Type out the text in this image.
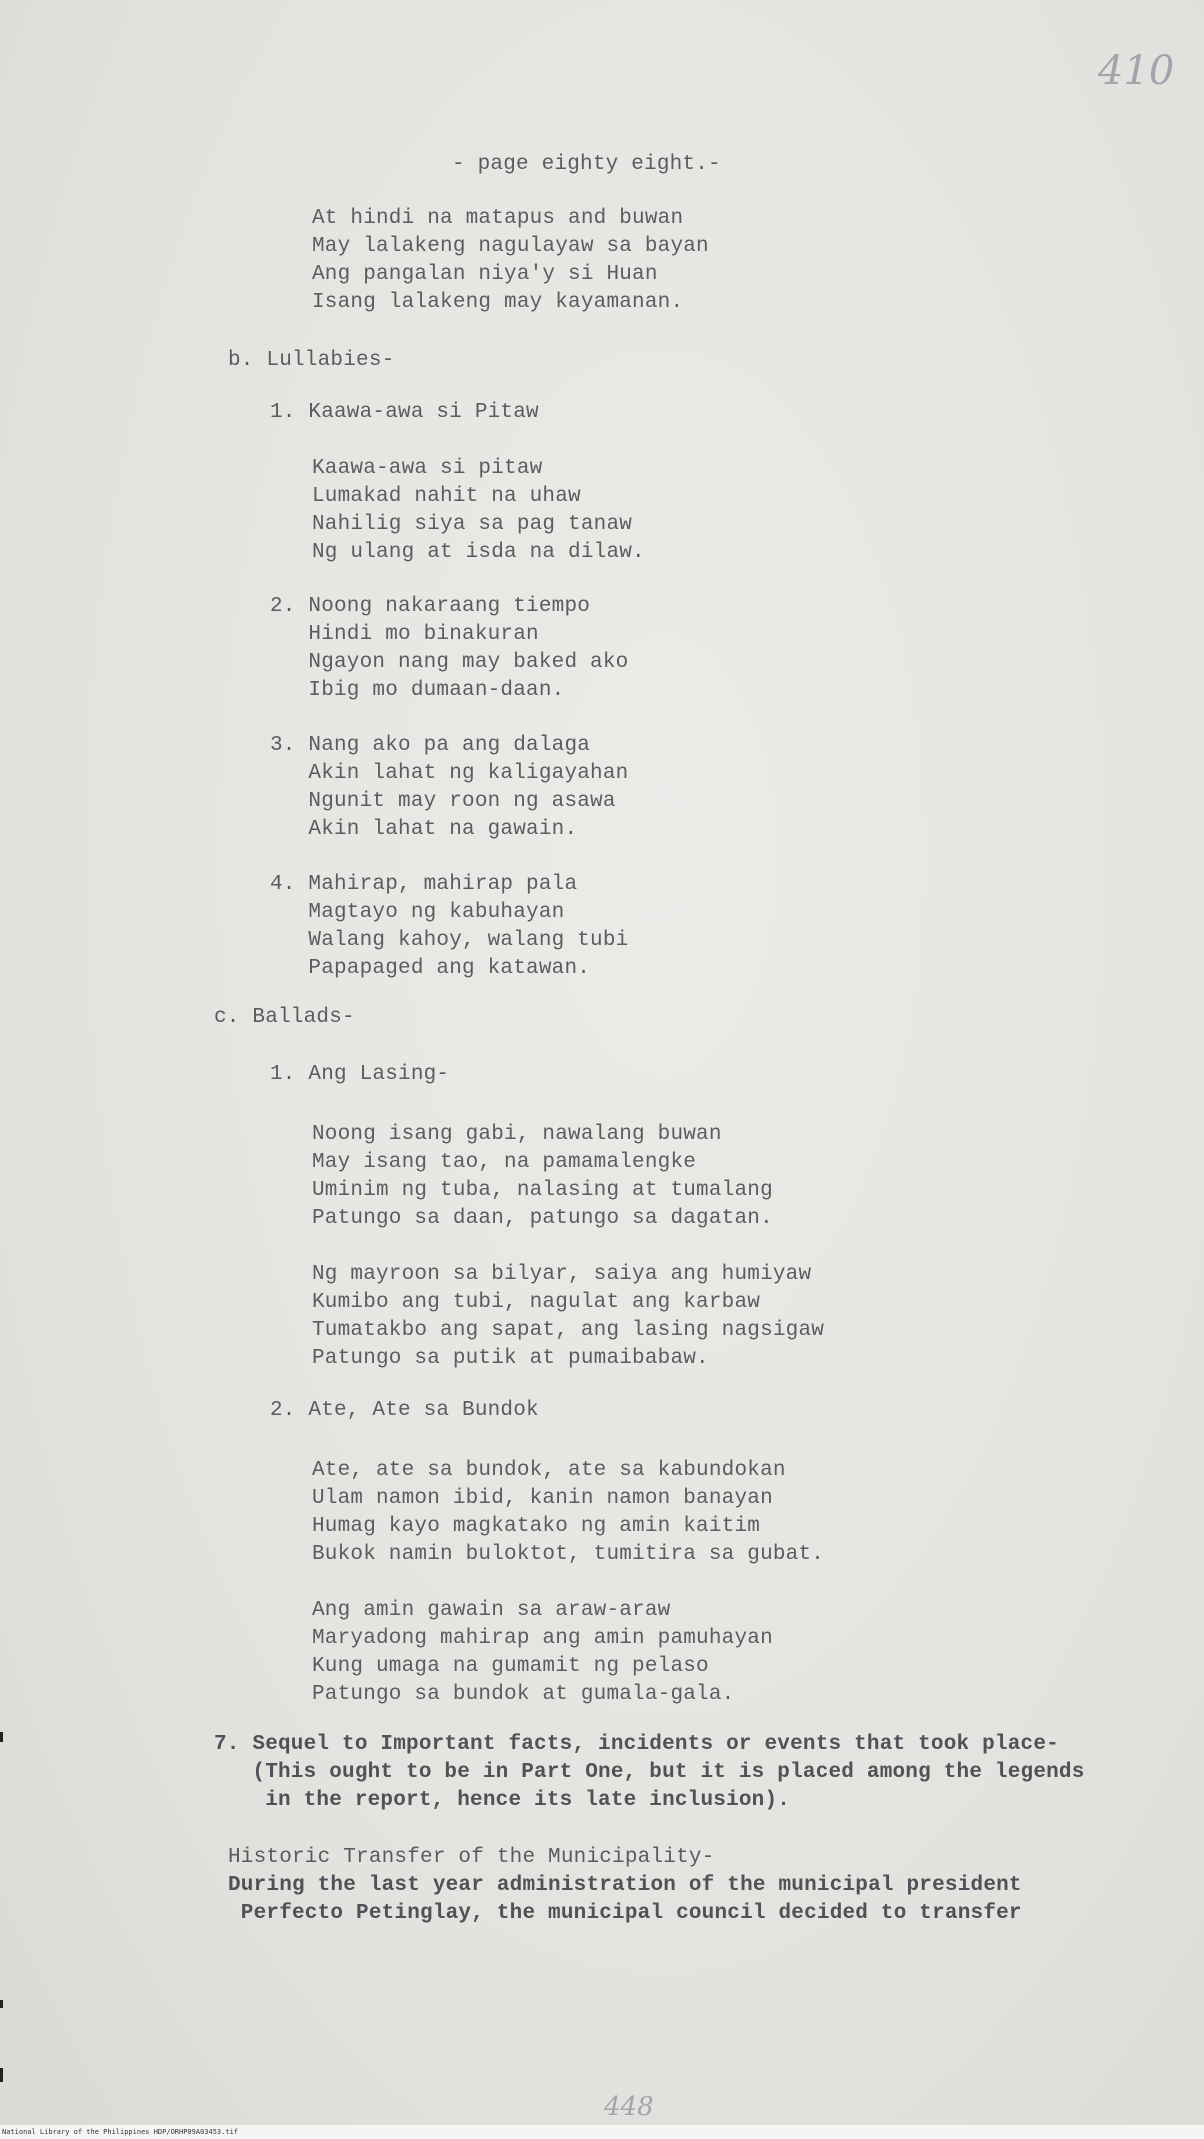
410
- page eighty eight.-
At hindi na matapus and buwan
May lalakeng nagulayaw sa bayan
Ang pangalan niya'y si Huan
Isang lalakeng may kayamanan.
b. Lullabies-
1. Kaawa-awa si Pitaw
Kaawa-awa si pitaw
Lumakad nahit na uhaw
Nahilig siya sa pag tanaw
Ng ulang at isda na dilaw.
2. Noong nakaraang tiempo
Hindi mo binakuran
Ngayon nang may baked ako
Ibig mo dumaan-daan.
3. Nang ako pa ang dalaga
Akin lahat ng kaligayahan
Ngunit may roon ng asawa
Akin lahat na gawain.
4. Mahirap, mahirap pala
Magtayo ng kabuhayan
Walang kahoy, walang tubi
Papapaged ang katawan.
c. Ballads-
1. Ang Lasing-
Noong isang gabi, nawalang buwan
May isang tao, na pamamalengke
Uminim ng tuba, nalasing at tumalang
Patungo sa daan, patungo sa dagatan.
Ng mayroon sa bilyar, saiya ang humiyaw
Kumibo ang tubi, nagulat ang karbaw
Tumatakbo ang sapat, ang lasing nagsigaw
Patungo sa putik at pumaibabaw.
2. Ate, Ate sa Bundok
Ate, ate sa bundok, ate sa kabundokan
Ulam namon ibid, kanin namon banayan
Humag kayo magkatako ng amin kaitim
Bukok namin buloktot, tumitira sa gubat.
Ang amin gawain sa araw-araw
Maryadong mahirap ang amin pamuhayan
Kung umaga na gumamit ng pelaso
Patungo sa bundok at gumala-gala.
7. Sequel to Important facts, incidents or events that took place-
(This ought to be in Part One, but it is placed among the legends
in the report, hence its late inclusion).
Historic Transfer of the Municipality-
During the last year administration of the municipal president
Perfecto Petinglay, the municipal council decided to transfer
448
National Library of the Philippines HDP/ORHP09A03453.tif
